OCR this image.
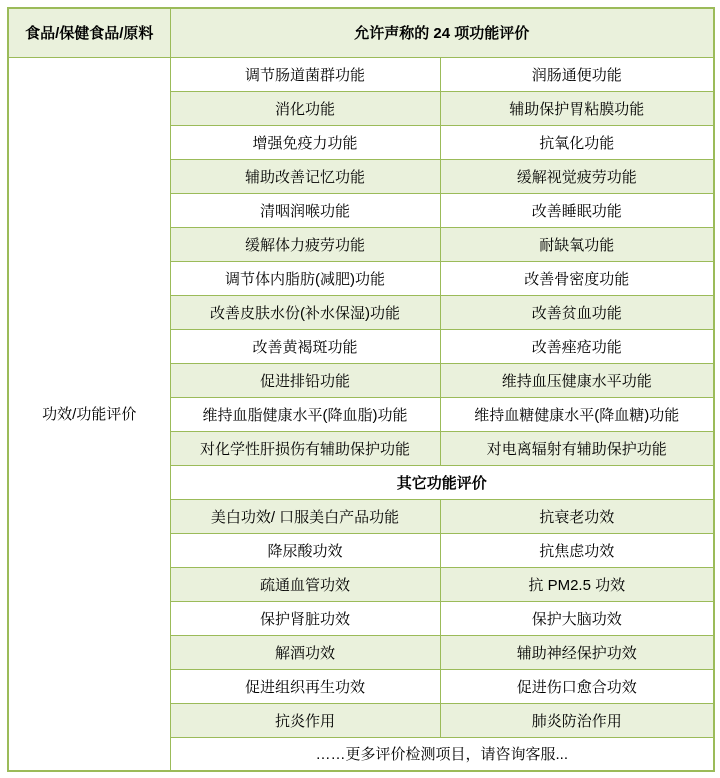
食品/保健食品/原料	允许声称的 24 项功能评价	
功效/功能评价	调节肠道菌群功能	润肠通便功能
	消化功能	辅助保护胃粘膜功能
	增强免疫力功能	抗氧化功能
	辅助改善记忆功能	缓解视觉疲劳功能
	清咽润喉功能	改善睡眠功能
	缓解体力疲劳功能	耐缺氧功能
	调节体内脂肪(减肥)功能	改善骨密度功能
	改善皮肤水份(补水保湿)功能	改善贫血功能
	改善黄褐斑功能	改善痤疮功能
	促进排铅功能	维持血压健康水平功能
	维持血脂健康水平(降血脂)功能	维持血糖健康水平(降血糖)功能
	对化学性肝损伤有辅助保护功能	对电离辐射有辅助保护功能
	其它功能评价	
	美白功效/ 口服美白产品功能	抗衰老功效
	降尿酸功效	抗焦虑功效
	疏通血管功效	抗 PM2.5 功效
	保护肾脏功效	保护大脑功效
	解酒功效	辅助神经保护功效
	促进组织再生功效	促进伤口愈合功效
	抗炎作用	肺炎防治作用
	……更多评价检测项目，请咨询客服...	
